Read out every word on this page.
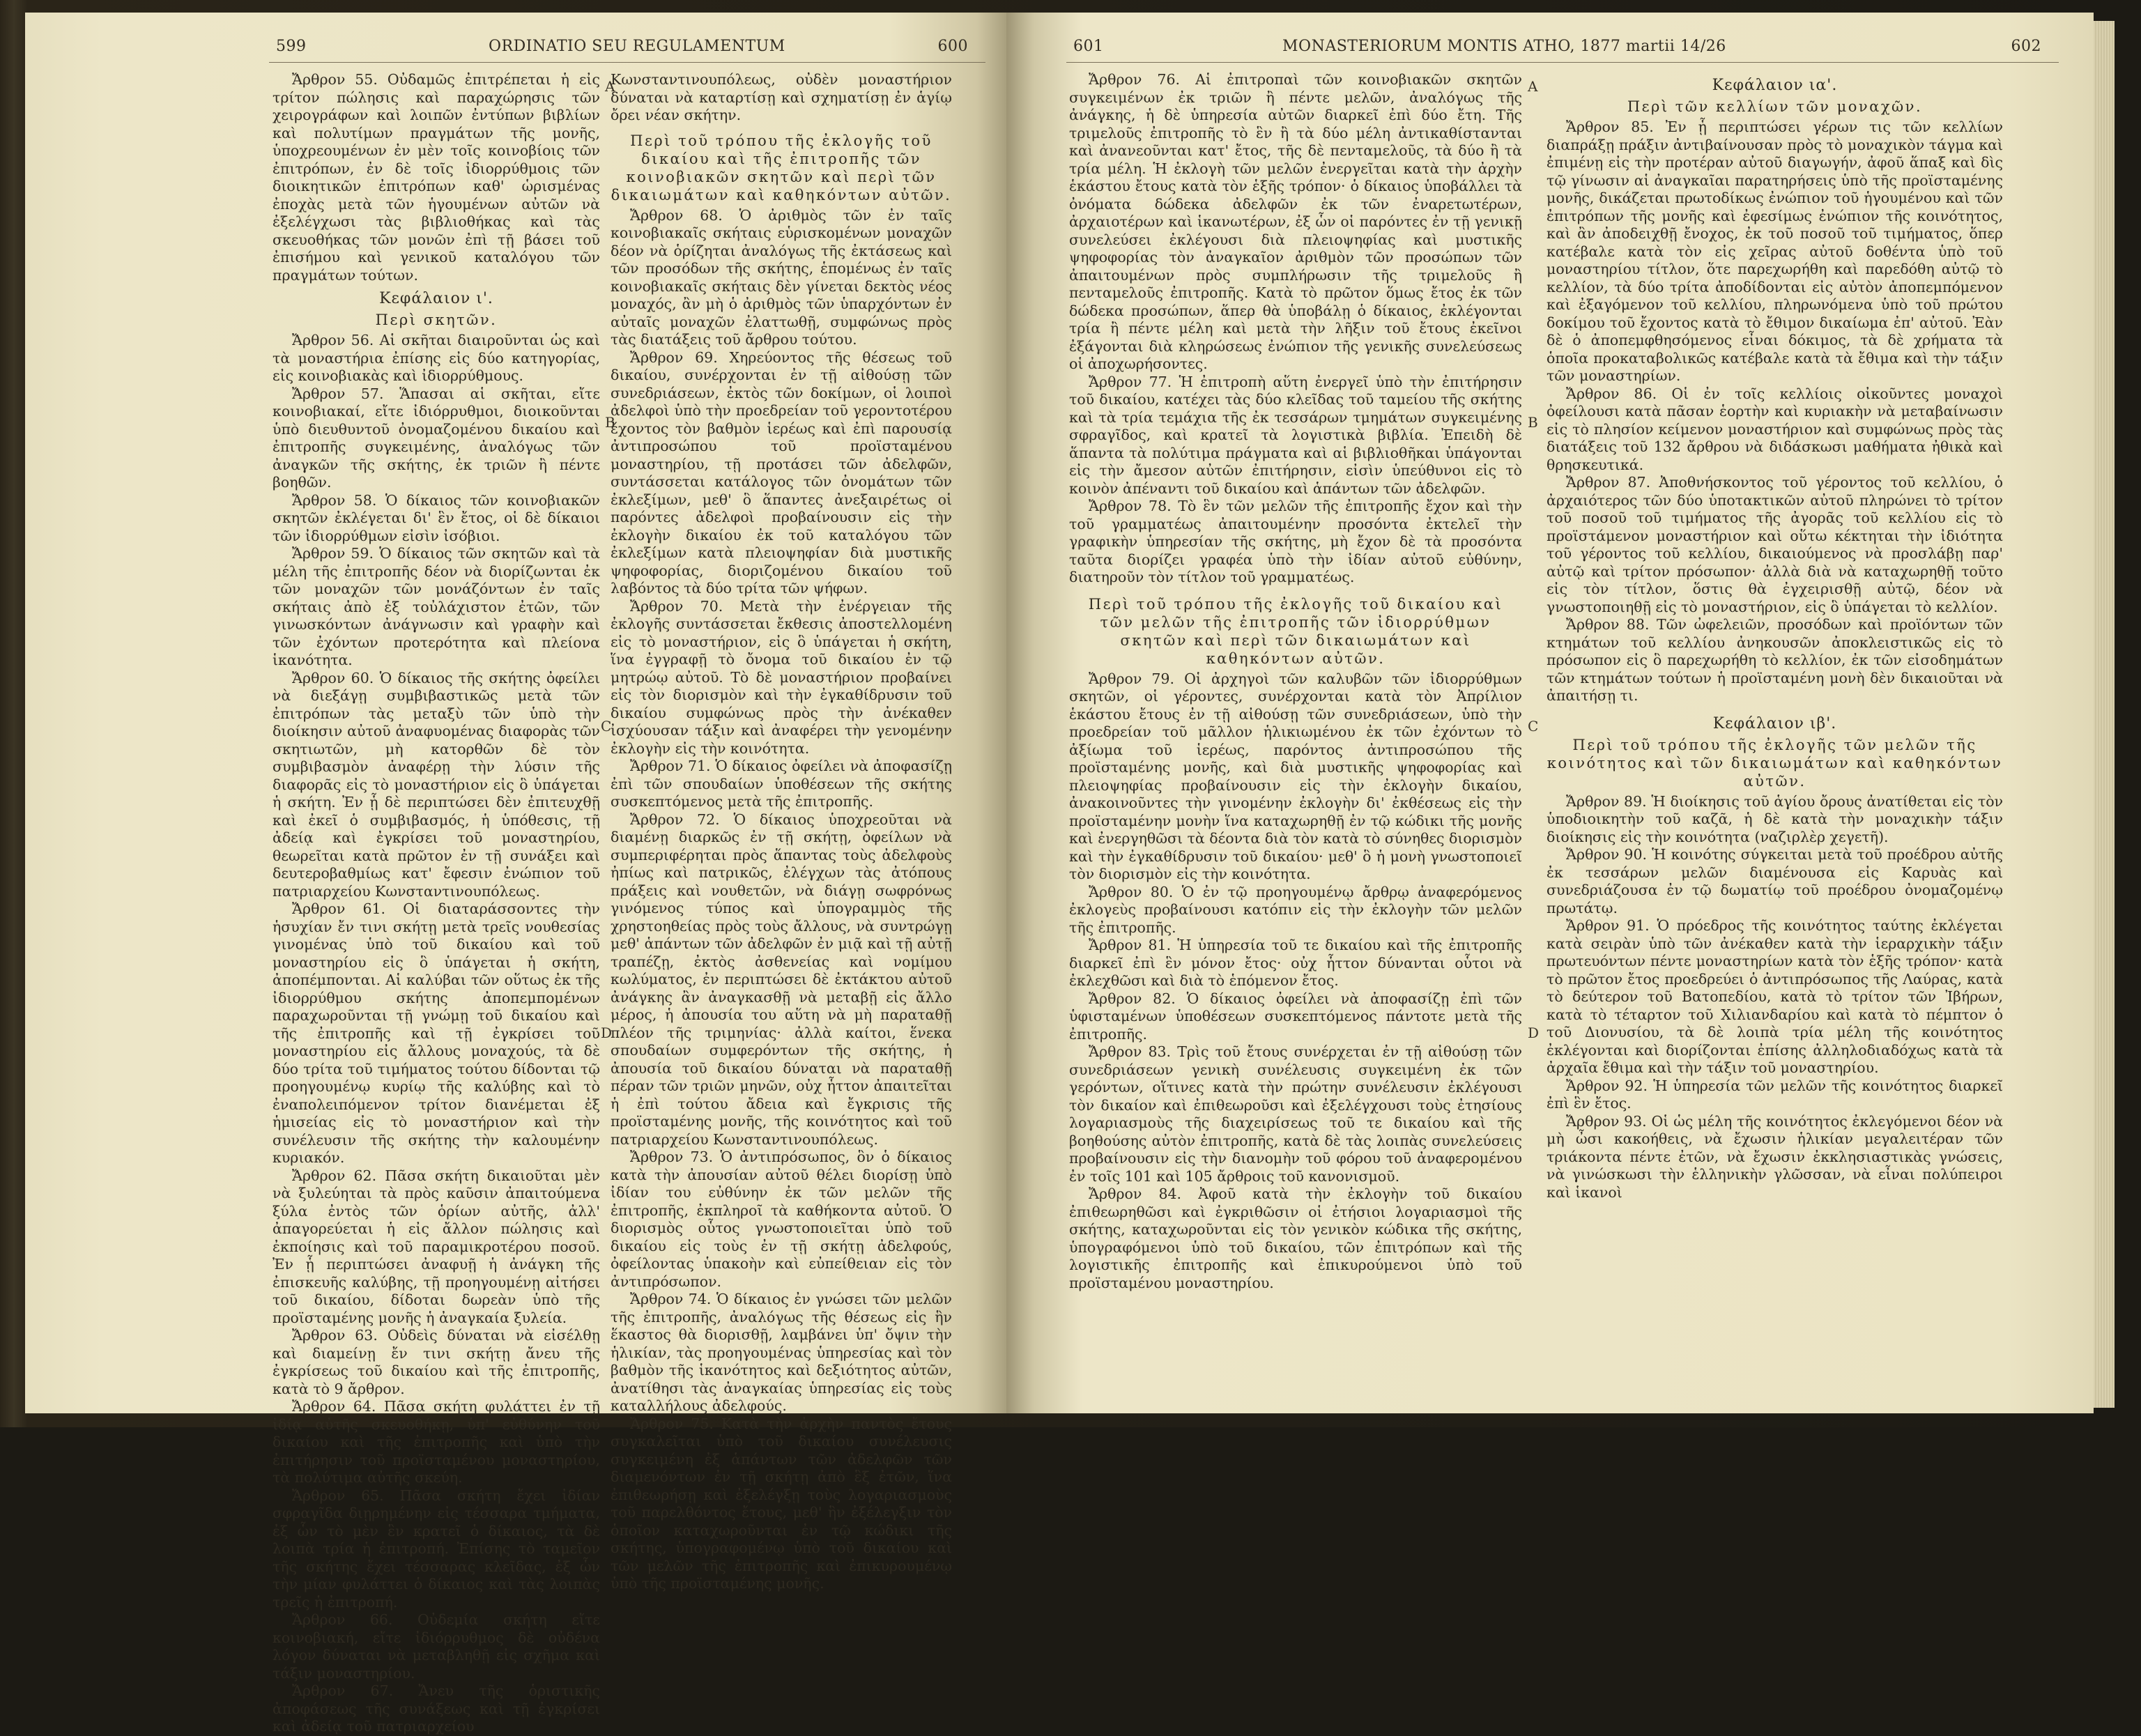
599	ORDINATIO SEU REGULAMENTUM	600

Ἄρθρον 55. Οὐδαμῶς ἐπιτρέπεται ἡ εἰς τρίτον πώλησις καὶ παραχώρησις τῶν χειρογράφων καὶ λοιπῶν ἐντύπων βιβλίων καὶ πολυτίμων πραγμάτων τῆς μονῆς, ὑποχρεουμένων ἐν μὲν τοῖς κοινοβίοις τῶν ἐπιτρόπων, ἐν δὲ τοῖς ἰδιορρύθμοις τῶν διοικητικῶν ἐπιτρόπων καθ' ὡρισμένας ἐποχὰς μετὰ τῶν ἡγουμένων αὐτῶν νὰ ἐξελέγχωσι τὰς βιβλιοθήκας καὶ τὰς σκευοθήκας τῶν μονῶν ἐπὶ τῇ βάσει τοῦ ἐπισήμου καὶ γενικοῦ καταλόγου τῶν πραγμάτων τούτων.

Κεφάλαιον ι'.
Περὶ σκητῶν.

Ἄρθρον 56. Αἱ σκῆται διαιροῦνται ὡς καὶ τὰ μοναστήρια ἐπίσης εἰς δύο κατηγορίας, εἰς κοινοβιακὰς καὶ ἰδιορρύθμους.

Ἄρθρον 57. Ἅπασαι αἱ σκῆται, εἴτε κοινοβιακαί, εἴτε ἰδιόρρυθμοι, διοικοῦνται ὑπὸ διευθυντοῦ ὀνομαζομένου δικαίου καὶ ἐπιτροπῆς συγκειμένης, ἀναλόγως τῶν ἀναγκῶν τῆς σκήτης, ἐκ τριῶν ἢ πέντε βοηθῶν.

Ἄρθρον 58. Ὁ δίκαιος τῶν κοινοβιακῶν σκητῶν ἐκλέγεται δι' ἓν ἔτος, οἱ δὲ δίκαιοι τῶν ἰδιορρύθμων εἰσὶν ἰσόβιοι.

Ἄρθρον 59. Ὁ δίκαιος τῶν σκητῶν καὶ τὰ μέλη τῆς ἐπιτροπῆς δέον νὰ διορίζωνται ἐκ τῶν μοναχῶν τῶν μονάζόντων ἐν ταῖς σκήταις ἀπὸ ἐξ τοὐλάχιστον ἐτῶν, τῶν γινωσκόντων ἀνάγνωσιν καὶ γραφὴν καὶ τῶν ἐχόντων προτερότητα καὶ πλείονα ἱκανότητα.

Ἄρθρον 60. Ὁ δίκαιος τῆς σκήτης ὀφείλει νὰ διεξάγῃ συμβιβαστικῶς μετὰ τῶν ἐπιτρόπων τὰς μεταξὺ τῶν ὑπὸ τὴν διοίκησιν αὐτοῦ ἀναφυομένας διαφορὰς τῶν σκητιωτῶν, μὴ κατορθῶν δὲ τὸν συμβιβασμὸν ἀναφέρῃ τὴν λύσιν τῆς διαφορᾶς εἰς τὸ μοναστήριον εἰς ὃ ὑπάγεται ἡ σκήτη. Ἐν ᾗ δὲ περιπτώσει δὲν ἐπιτευχθῇ καὶ ἐκεῖ ὁ συμβιβασμός, ἡ ὑπόθεσις, τῇ ἀδείᾳ καὶ ἐγκρίσει τοῦ μοναστηρίου, θεωρεῖται κατὰ πρῶτον ἐν τῇ συνάξει καὶ δευτεροβαθμίως κατ' ἔφεσιν ἐνώπιον τοῦ πατριαρχείου Κωνσταντινουπόλεως.

Ἄρθρον 61. Οἱ διαταράσσοντες τὴν ἡσυχίαν ἔν τινι σκήτῃ μετὰ τρεῖς νουθεσίας γινομένας ὑπὸ τοῦ δικαίου καὶ τοῦ μοναστηρίου εἰς ὃ ὑπάγεται ἡ σκήτη, ἀποπέμπονται. Αἱ καλύβαι τῶν οὕτως ἐκ τῆς ἰδιορρύθμου σκήτης ἀποπεμπομένων παραχωροῦνται τῇ γνώμῃ τοῦ δικαίου καὶ τῆς ἐπιτροπῆς καὶ τῇ ἐγκρίσει τοῦ μοναστηρίου εἰς ἄλλους μοναχούς, τὰ δὲ δύο τρίτα τοῦ τιμήματος τούτου δίδονται τῷ προηγουμένῳ κυρίῳ τῆς καλύβης καὶ τὸ ἐναπολειπόμενον τρίτον διανέμεται ἐξ ἡμισείας εἰς τὸ μοναστήριον καὶ τὴν συνέλευσιν τῆς σκήτης τὴν καλουμένην κυριακόν.

Ἄρθρον 62. Πᾶσα σκήτη δικαιοῦται μὲν νὰ ξυλεύηται τὰ πρὸς καῦσιν ἀπαιτούμενα ξύλα ἐντὸς τῶν ὁρίων αὐτῆς, ἀλλ' ἀπαγορεύεται ἡ εἰς ἄλλον πώλησις καὶ ἐκποίησις καὶ τοῦ παραμικροτέρου ποσοῦ. Ἐν ᾗ περιπτώσει ἀναφυῇ ἡ ἀνάγκη τῆς ἐπισκευῆς καλύβης, τῇ προηγουμένῃ αἰτήσει τοῦ δικαίου, δίδοται δωρεὰν ὑπὸ τῆς προϊσταμένης μονῆς ἡ ἀναγκαία ξυλεία.

Ἄρθρον 63. Οὐδεὶς δύναται νὰ εἰσέλθῃ καὶ διαμείνῃ ἔν τινι σκήτῃ ἄνευ τῆς ἐγκρίσεως τοῦ δικαίου καὶ τῆς ἐπιτροπῆς, κατὰ τὸ 9 ἄρθρον.

Ἄρθρον 64. Πᾶσα σκήτη φυλάττει ἐν τῇ ἰδίᾳ αὐτῆς σκευοθήκῃ, ὑπ' εὐθύνην τοῦ δικαίου καὶ τῆς ἐπιτροπῆς καὶ ὑπὸ τὴν ἐπιτήρησιν τοῦ προϊσταμένου μοναστηρίου, τὰ πολύτιμα αὐτῆς σκεύη.

Ἄρθρον 65. Πᾶσα σκήτη ἔχει ἰδίαν σφραγῖδα διῃρημένην εἰς τέσσαρα τμήματα, ἐξ ὧν τὸ μὲν ἓν κρατεῖ ὁ δίκαιος, τὰ δὲ λοιπὰ τρία ἡ ἐπιτροπή. Ἐπίσης τὸ ταμεῖον τῆς σκήτης ἔχει τέσσαρας κλεῖδας, ἐξ ὧν τὴν μίαν φυλάττει ὁ δίκαιος καὶ τὰς λοιπὰς τρεῖς ἡ ἐπιτροπή.

Ἄρθρον 66. Οὐδεμία σκήτη εἴτε κοινοβιακή, εἴτε ἰδιόρρυθμος δὲ οὐδένα λόγον δύναται νὰ μεταβληθῇ εἰς σχῆμα καὶ τάξιν μοναστηρίου.

Ἄρθρον 67. Ἄνευ τῆς ὁριστικῆς ἀποφάσεως τῆς συνάξεως καὶ τῇ ἐγκρίσει καὶ ἀδείᾳ τοῦ πατριαρχείου

A
B
C
D

Κωνσταντινουπόλεως, οὐδὲν μοναστήριον δύναται νὰ καταρτίσῃ καὶ σχηματίσῃ ἐν ἁγίῳ ὄρει νέαν σκήτην.

Περὶ τοῦ τρόπου τῆς ἐκλογῆς τοῦ δικαίου καὶ τῆς ἐπιτροπῆς τῶν κοινοβιακῶν σκητῶν καὶ περὶ τῶν δικαιωμάτων καὶ καθηκόντων αὐτῶν.

Ἄρθρον 68. Ὁ ἀριθμὸς τῶν ἐν ταῖς κοινοβιακαῖς σκήταις εὑρισκομένων μοναχῶν δέον νὰ ὁρίζηται ἀναλόγως τῆς ἐκτάσεως καὶ τῶν προσόδων τῆς σκήτης, ἑπομένως ἐν ταῖς κοινοβιακαῖς σκήταις δὲν γίνεται δεκτὸς νέος μοναχός, ἂν μὴ ὁ ἀριθμὸς τῶν ὑπαρχόντων ἐν αὐταῖς μοναχῶν ἐλαττωθῇ, συμφώνως πρὸς τὰς διατάξεις τοῦ ἄρθρου τούτου.

Ἄρθρον 69. Χηρεύοντος τῆς θέσεως τοῦ δικαίου, συνέρχονται ἐν τῇ αἰθούσῃ τῶν συνεδριάσεων, ἐκτὸς τῶν δοκίμων, οἱ λοιποὶ ἀδελφοὶ ὑπὸ τὴν προεδρείαν τοῦ γεροντοτέρου ἔχοντος τὸν βαθμὸν ἱερέως καὶ ἐπὶ παρουσίᾳ ἀντιπροσώπου τοῦ προϊσταμένου μοναστηρίου, τῇ προτάσει τῶν ἀδελφῶν, συντάσσεται κατάλογος τῶν ὀνομάτων τῶν ἐκλεξίμων, μεθ' ὃ ἅπαντες ἀνεξαιρέτως οἱ παρόντες ἀδελφοὶ προβαίνουσιν εἰς τὴν ἐκλογὴν δικαίου ἐκ τοῦ καταλόγου τῶν ἐκλεξίμων κατὰ πλειοψηφίαν διὰ μυστικῆς ψηφοφορίας, διοριζομένου δικαίου τοῦ λαβόντος τὰ δύο τρίτα τῶν ψήφων.

Ἄρθρον 70. Μετὰ τὴν ἐνέργειαν τῆς ἐκλογῆς συντάσσεται ἔκθεσις ἀποστελλομένη εἰς τὸ μοναστήριον, εἰς ὃ ὑπάγεται ἡ σκήτη, ἵνα ἐγγραφῇ τὸ ὄνομα τοῦ δικαίου ἐν τῷ μητρώῳ αὐτοῦ. Τὸ δὲ μοναστήριον προβαίνει εἰς τὸν διορισμὸν καὶ τὴν ἐγκαθίδρυσιν τοῦ δικαίου συμφώνως πρὸς τὴν ἀνέκαθεν ἰσχύουσαν τάξιν καὶ ἀναφέρει τὴν γενομένην ἐκλογὴν εἰς τὴν κοινότητα.

Ἄρθρον 71. Ὁ δίκαιος ὀφείλει νὰ ἀποφασίζῃ ἐπὶ τῶν σπουδαίων ὑποθέσεων τῆς σκήτης συσκεπτόμενος μετὰ τῆς ἐπιτροπῆς.

Ἄρθρον 72. Ὁ δίκαιος ὑποχρεοῦται νὰ διαμένῃ διαρκῶς ἐν τῇ σκήτῃ, ὀφείλων νὰ συμπεριφέρηται πρὸς ἅπαντας τοὺς ἀδελφοὺς ἠπίως καὶ πατρικῶς, ἐλέγχων τὰς ἀτόπους πράξεις καὶ νουθετῶν, νὰ διάγῃ σωφρόνως γινόμενος τύπος καὶ ὑπογραμμὸς τῆς χρηστοηθείας πρὸς τοὺς ἄλλους, νὰ συντρώγῃ μεθ' ἁπάντων τῶν ἀδελφῶν ἐν μιᾷ καὶ τῇ αὐτῇ τραπέζῃ, ἐκτὸς ἀσθενείας καὶ νομίμου κωλύματος, ἐν περιπτώσει δὲ ἐκτάκτου αὐτοῦ ἀνάγκης ἂν ἀναγκασθῇ νὰ μεταβῇ εἰς ἄλλο μέρος, ἡ ἀπουσία του αὕτη νὰ μὴ παραταθῇ πλέον τῆς τριμηνίας· ἀλλὰ καίτοι, ἕνεκα σπουδαίων συμφερόντων τῆς σκήτης, ἡ ἀπουσία τοῦ δικαίου δύναται νὰ παραταθῇ πέραν τῶν τριῶν μηνῶν, οὐχ ἧττον ἀπαιτεῖται ἡ ἐπὶ τούτου ἄδεια καὶ ἔγκρισις τῆς προϊσταμένης μονῆς, τῆς κοινότητος καὶ τοῦ πατριαρχείου Κωνσταντινουπόλεως.

Ἄρθρον 73. Ὁ ἀντιπρόσωπος, ὃν ὁ δίκαιος κατὰ τὴν ἀπουσίαν αὐτοῦ θέλει διορίσῃ ὑπὸ ἰδίαν του εὐθύνην ἐκ τῶν μελῶν τῆς ἐπιτροπῆς, ἐκπληροῖ τὰ καθήκοντα αὐτοῦ. Ὁ διορισμὸς οὗτος γνωστοποιεῖται ὑπὸ τοῦ δικαίου εἰς τοὺς ἐν τῇ σκήτῃ ἀδελφούς, ὀφείλοντας ὑπακοὴν καὶ εὐπείθειαν εἰς τὸν ἀντιπρόσωπον.

Ἄρθρον 74. Ὁ δίκαιος ἐν γνώσει τῶν μελῶν τῆς ἐπιτροπῆς, ἀναλόγως τῆς θέσεως εἰς ἣν ἕκαστος θὰ διορισθῇ, λαμβάνει ὑπ' ὄψιν τὴν ἡλικίαν, τὰς προηγουμένας ὑπηρεσίας καὶ τὸν βαθμὸν τῆς ἱκανότητος καὶ δεξιότητος αὐτῶν, ἀνατίθησι τὰς ἀναγκαίας ὑπηρεσίας εἰς τοὺς καταλλήλους ἀδελφούς.

Ἄρθρον 75. Κατὰ τὴν ἀρχὴν παντὸς ἔτους συγκαλεῖται ὑπὸ τοῦ δικαίου συνέλευσις συγκειμένη ἐξ ἁπάντων τῶν ἀδελφῶν τῶν διαμενόντων ἐν τῇ σκήτῃ ἀπὸ ἓξ ἐτῶν, ἵνα ἐπιθεωρήσῃ καὶ ἐξελέγξῃ τοὺς λογαριασμοὺς τοῦ παρελθόντος ἔτους, μεθ' ἣν ἐξέλεγξιν τὸν ὁποῖον καταχωροῦνται ἐν τῷ κώδικι τῆς σκήτης, ὑπογραφομένῳ ὑπὸ τοῦ δικαίου καὶ τῶν μελῶν τῆς ἐπιτροπῆς καὶ ἐπικυρουμένῳ ὑπὸ τῆς προϊσταμένης μονῆς.

601	MONASTERIORUM MONTIS ATHO, 1877 martii 14/26	602

Ἄρθρον 76. Αἱ ἐπιτροπαὶ τῶν κοινοβιακῶν σκητῶν συγκειμένων ἐκ τριῶν ἢ πέντε μελῶν, ἀναλόγως τῆς ἀνάγκης, ἡ δὲ ὑπηρεσία αὐτῶν διαρκεῖ ἐπὶ δύο ἔτη. Τῆς τριμελοῦς ἐπιτροπῆς τὸ ἓν ἢ τὰ δύο μέλη ἀντικαθίστανται καὶ ἀνανεοῦνται κατ' ἔτος, τῆς δὲ πενταμελοῦς, τὰ δύο ἢ τὰ τρία μέλη. Ἡ ἐκλογὴ τῶν μελῶν ἐνεργεῖται κατὰ τὴν ἀρχὴν ἑκάστου ἔτους κατὰ τὸν ἑξῆς τρόπον· ὁ δίκαιος ὑποβάλλει τὰ ὀνόματα δώδεκα ἀδελφῶν ἐκ τῶν ἐναρετωτέρων, ἀρχαιοτέρων καὶ ἱκανωτέρων, ἐξ ὧν οἱ παρόντες ἐν τῇ γενικῇ συνελεύσει ἐκλέγουσι διὰ πλειοψηφίας καὶ μυστικῆς ψηφοφορίας τὸν ἀναγκαῖον ἀριθμὸν τῶν προσώπων τῶν ἀπαιτουμένων πρὸς συμπλήρωσιν τῆς τριμελοῦς ἢ πενταμελοῦς ἐπιτροπῆς. Κατὰ τὸ πρῶτον ὅμως ἔτος ἐκ τῶν δώδεκα προσώπων, ἅπερ θὰ ὑποβάλῃ ὁ δίκαιος, ἐκλέγονται τρία ἢ πέντε μέλη καὶ μετὰ τὴν λῆξιν τοῦ ἔτους ἐκεῖνοι ἐξάγονται διὰ κληρώσεως ἐνώπιον τῆς γενικῆς συνελεύσεως οἱ ἀποχωρήσοντες.

Ἄρθρον 77. Ἡ ἐπιτροπὴ αὕτη ἐνεργεῖ ὑπὸ τὴν ἐπιτήρησιν τοῦ δικαίου, κατέχει τὰς δύο κλεῖδας τοῦ ταμείου τῆς σκήτης καὶ τὰ τρία τεμάχια τῆς ἐκ τεσσάρων τμημάτων συγκειμένης σφραγῖδος, καὶ κρατεῖ τὰ λογιστικὰ βιβλία. Ἐπειδὴ δὲ ἅπαντα τὰ πολύτιμα πράγματα καὶ αἱ βιβλιοθῆκαι ὑπάγονται εἰς τὴν ἄμεσον αὐτῶν ἐπιτήρησιν, εἰσὶν ὑπεύθυνοι εἰς τὸ κοινὸν ἀπέναντι τοῦ δικαίου καὶ ἁπάντων τῶν ἀδελφῶν.

Ἄρθρον 78. Τὸ ἓν τῶν μελῶν τῆς ἐπιτροπῆς ἔχον καὶ τὴν τοῦ γραμματέως ἀπαιτουμένην προσόντα ἐκτελεῖ τὴν γραφικὴν ὑπηρεσίαν τῆς σκήτης, μὴ ἔχον δὲ τὰ προσόντα ταῦτα διορίζει γραφέα ὑπὸ τὴν ἰδίαν αὐτοῦ εὐθύνην, διατηροῦν τὸν τίτλον τοῦ γραμματέως.

Περὶ τοῦ τρόπου τῆς ἐκλογῆς τοῦ δικαίου καὶ τῶν μελῶν τῆς ἐπιτροπῆς τῶν ἰδιορρύθμων σκητῶν καὶ περὶ τῶν δικαιωμάτων καὶ καθηκόντων αὐτῶν.

Ἄρθρον 79. Οἱ ἀρχηγοὶ τῶν καλυβῶν τῶν ἰδιορρύθμων σκητῶν, οἱ γέροντες, συνέρχονται κατὰ τὸν Ἀπρίλιον ἑκάστου ἔτους ἐν τῇ αἰθούσῃ τῶν συνεδριάσεων, ὑπὸ τὴν προεδρείαν τοῦ μᾶλλον ἡλικιωμένου ἐκ τῶν ἐχόντων τὸ ἀξίωμα τοῦ ἱερέως, παρόντος ἀντιπροσώπου τῆς προϊσταμένης μονῆς, καὶ διὰ μυστικῆς ψηφοφορίας καὶ πλειοψηφίας προβαίνουσιν εἰς τὴν ἐκλογὴν δικαίου, ἀνακοινοῦντες τὴν γινομένην ἐκλογὴν δι' ἐκθέσεως εἰς τὴν προϊσταμένην μονὴν ἵνα καταχωρηθῇ ἐν τῷ κώδικι τῆς μονῆς καὶ ἐνεργηθῶσι τὰ δέοντα διὰ τὸν κατὰ τὸ σύνηθες διορισμὸν καὶ τὴν ἐγκαθίδρυσιν τοῦ δικαίου· μεθ' ὃ ἡ μονὴ γνωστοποιεῖ τὸν διορισμὸν εἰς τὴν κοινότητα.

Ἄρθρον 80. Ὁ ἐν τῷ προηγουμένῳ ἄρθρῳ ἀναφερόμενος ἐκλογεὺς προβαίνουσι κατόπιν εἰς τὴν ἐκλογὴν τῶν μελῶν τῆς ἐπιτροπῆς.

Ἄρθρον 81. Ἡ ὑπηρεσία τοῦ τε δικαίου καὶ τῆς ἐπιτροπῆς διαρκεῖ ἐπὶ ἓν μόνον ἔτος· οὐχ ἧττον δύνανται οὗτοι νὰ ἐκλεχθῶσι καὶ διὰ τὸ ἑπόμενον ἔτος.

Ἄρθρον 82. Ὁ δίκαιος ὀφείλει νὰ ἀποφασίζῃ ἐπὶ τῶν ὑφισταμένων ὑποθέσεων συσκεπτόμενος πάντοτε μετὰ τῆς ἐπιτροπῆς.

Ἄρθρον 83. Τρὶς τοῦ ἔτους συνέρχεται ἐν τῇ αἰθούσῃ τῶν συνεδριάσεων γενικὴ συνέλευσις συγκειμένη ἐκ τῶν γερόντων, οἵτινες κατὰ τὴν πρώτην συνέλευσιν ἐκλέγουσι τὸν δικαίον καὶ ἐπιθεωροῦσι καὶ ἐξελέγχουσι τοὺς ἐτησίους λογαριασμοὺς τῆς διαχειρίσεως τοῦ τε δικαίου καὶ τῆς βοηθούσης αὐτὸν ἐπιτροπῆς, κατὰ δὲ τὰς λοιπὰς συνελεύσεις προβαίνουσιν εἰς τὴν διανομὴν τοῦ φόρου τοῦ ἀναφερομένου ἐν τοῖς 101 καὶ 105 ἄρθροις τοῦ κανονισμοῦ.

Ἄρθρον 84. Ἀφοῦ κατὰ τὴν ἐκλογὴν τοῦ δικαίου ἐπιθεωρηθῶσι καὶ ἐγκριθῶσιν οἱ ἐτήσιοι λογαριασμοὶ τῆς σκήτης, καταχωροῦνται εἰς τὸν γενικὸν κώδικα τῆς σκήτης, ὑπογραφόμενοι ὑπὸ τοῦ δικαίου, τῶν ἐπιτρόπων καὶ τῆς λογιστικῆς ἐπιτροπῆς καὶ ἐπικυρούμενοι ὑπὸ τοῦ προϊσταμένου μοναστηρίου.

A
B
C
D
Κεφάλαιον ια'.
Περὶ τῶν κελλίων τῶν μοναχῶν.

Ἄρθρον 85. Ἐν ᾗ περιπτώσει γέρων τις τῶν κελλίων διαπράξῃ πράξιν ἀντιβαίνουσαν πρὸς τὸ μοναχικὸν τάγμα καὶ ἐπιμένῃ εἰς τὴν προτέραν αὐτοῦ διαγωγήν, ἀφοῦ ἅπαξ καὶ δὶς τῷ γίνωσιν αἱ ἀναγκαῖαι παρατηρήσεις ὑπὸ τῆς προϊσταμένης μονῆς, δικάζεται πρωτοδίκως ἐνώπιον τοῦ ἡγουμένου καὶ τῶν ἐπιτρόπων τῆς μονῆς καὶ ἐφεσίμως ἐνώπιον τῆς κοινότητος, καὶ ἂν ἀποδειχθῇ ἔνοχος, ἐκ τοῦ ποσοῦ τοῦ τιμήματος, ὅπερ κατέβαλε κατὰ τὸν εἰς χεῖρας αὐτοῦ δοθέντα ὑπὸ τοῦ μοναστηρίου τίτλον, ὅτε παρεχωρήθη καὶ παρεδόθη αὐτῷ τὸ κελλίον, τὰ δύο τρίτα ἀποδίδονται εἰς αὐτὸν ἀποπεμπόμενον καὶ ἐξαγόμενον τοῦ κελλίου, πληρωνόμενα ὑπὸ τοῦ πρώτου δοκίμου τοῦ ἔχοντος κατὰ τὸ ἔθιμον δικαίωμα ἐπ' αὐτοῦ. Ἐὰν δὲ ὁ ἀποπεμφθησόμενος εἶναι δόκιμος, τὰ δὲ χρήματα τὰ ὁποῖα προκαταβολικῶς κατέβαλε κατὰ τὰ ἔθιμα καὶ τὴν τάξιν τῶν μοναστηρίων.

Ἄρθρον 86. Οἱ ἐν τοῖς κελλίοις οἰκοῦντες μοναχοὶ ὀφείλουσι κατὰ πᾶσαν ἑορτὴν καὶ κυριακὴν νὰ μεταβαίνωσιν εἰς τὸ πλησίον κείμενον μοναστήριον καὶ συμφώνως πρὸς τὰς διατάξεις τοῦ 132 ἄρθρου νὰ διδάσκωσι μαθήματα ἠθικὰ καὶ θρησκευτικά.

Ἄρθρον 87. Ἀποθνήσκοντος τοῦ γέροντος τοῦ κελλίου, ὁ ἀρχαιότερος τῶν δύο ὑποτακτικῶν αὐτοῦ πληρώνει τὸ τρίτον τοῦ ποσοῦ τοῦ τιμήματος τῆς ἀγορᾶς τοῦ κελλίου εἰς τὸ προϊστάμενον μοναστήριον καὶ οὕτω κέκτηται τὴν ἰδιότητα τοῦ γέροντος τοῦ κελλίου, δικαιούμενος νὰ προσλάβῃ παρ' αὐτῷ καὶ τρίτον πρόσωπον· ἀλλὰ διὰ νὰ καταχωρηθῇ τοῦτο εἰς τὸν τίτλον, ὅστις θὰ ἐγχειρισθῇ αὐτῷ, δέον νὰ γνωστοποιηθῇ εἰς τὸ μοναστήριον, εἰς ὃ ὑπάγεται τὸ κελλίον.

Ἄρθρον 88. Τῶν ὠφελειῶν, προσόδων καὶ προϊόντων τῶν κτημάτων τοῦ κελλίου ἀνηκουσῶν ἀποκλειστικῶς εἰς τὸ πρόσωπον εἰς ὃ παρεχωρήθη τὸ κελλίον, ἐκ τῶν εἰσοδημάτων τῶν κτημάτων τούτων ἡ προϊσταμένη μονὴ δὲν δικαιοῦται νὰ ἀπαιτήσῃ τι.

Κεφάλαιον ιβ'.
Περὶ τοῦ τρόπου τῆς ἐκλογῆς τῶν μελῶν τῆς κοινότητος καὶ τῶν δικαιωμάτων καὶ καθηκόντων αὐτῶν.

Ἄρθρον 89. Ἡ διοίκησις τοῦ ἁγίου ὄρους ἀνατίθεται εἰς τὸν ὑποδιοικητὴν τοῦ καζᾶ, ἡ δὲ κατὰ τὴν μοναχικὴν τάξιν διοίκησις εἰς τὴν κοινότητα (ναζιρλὲρ χεγετῆ).

Ἄρθρον 90. Ἡ κοινότης σύγκειται μετὰ τοῦ προέδρου αὐτῆς ἐκ τεσσάρων μελῶν διαμένουσα εἰς Καρυὰς καὶ συνεδριάζουσα ἐν τῷ δωματίῳ τοῦ προέδρου ὀνομαζομένῳ πρωτάτῳ.

Ἄρθρον 91. Ὁ πρόεδρος τῆς κοινότητος ταύτης ἐκλέγεται κατὰ σειρὰν ὑπὸ τῶν ἀνέκαθεν κατὰ τὴν ἱεραρχικὴν τάξιν πρωτευόντων πέντε μοναστηρίων κατὰ τὸν ἑξῆς τρόπον· κατὰ τὸ πρῶτον ἔτος προεδρεύει ὁ ἀντιπρόσωπος τῆς Λαύρας, κατὰ τὸ δεύτερον τοῦ Βατοπεδίου, κατὰ τὸ τρίτον τῶν Ἰβήρων, κατὰ τὸ τέταρτον τοῦ Χιλιανδαρίου καὶ κατὰ τὸ πέμπτον ὁ τοῦ Διονυσίου, τὰ δὲ λοιπὰ τρία μέλη τῆς κοινότητος ἐκλέγονται καὶ διορίζονται ἐπίσης ἀλληλοδιαδόχως κατὰ τὰ ἀρχαῖα ἔθιμα καὶ τὴν τάξιν τοῦ μοναστηρίου.

Ἄρθρον 92. Ἡ ὑπηρεσία τῶν μελῶν τῆς κοινότητος διαρκεῖ ἐπὶ ἓν ἔτος.

Ἄρθρον 93. Οἱ ὡς μέλη τῆς κοινότητος ἐκλεγόμενοι δέον νὰ μὴ ὦσι κακοήθεις, νὰ ἔχωσιν ἡλικίαν μεγαλειτέραν τῶν τριάκοντα πέντε ἐτῶν, νὰ ἔχωσιν ἐκκλησιαστικὰς γνώσεις, νὰ γινώσκωσι τὴν ἑλληνικὴν γλῶσσαν, νὰ εἶναι πολύπειροι καὶ ἱκανοὶ
